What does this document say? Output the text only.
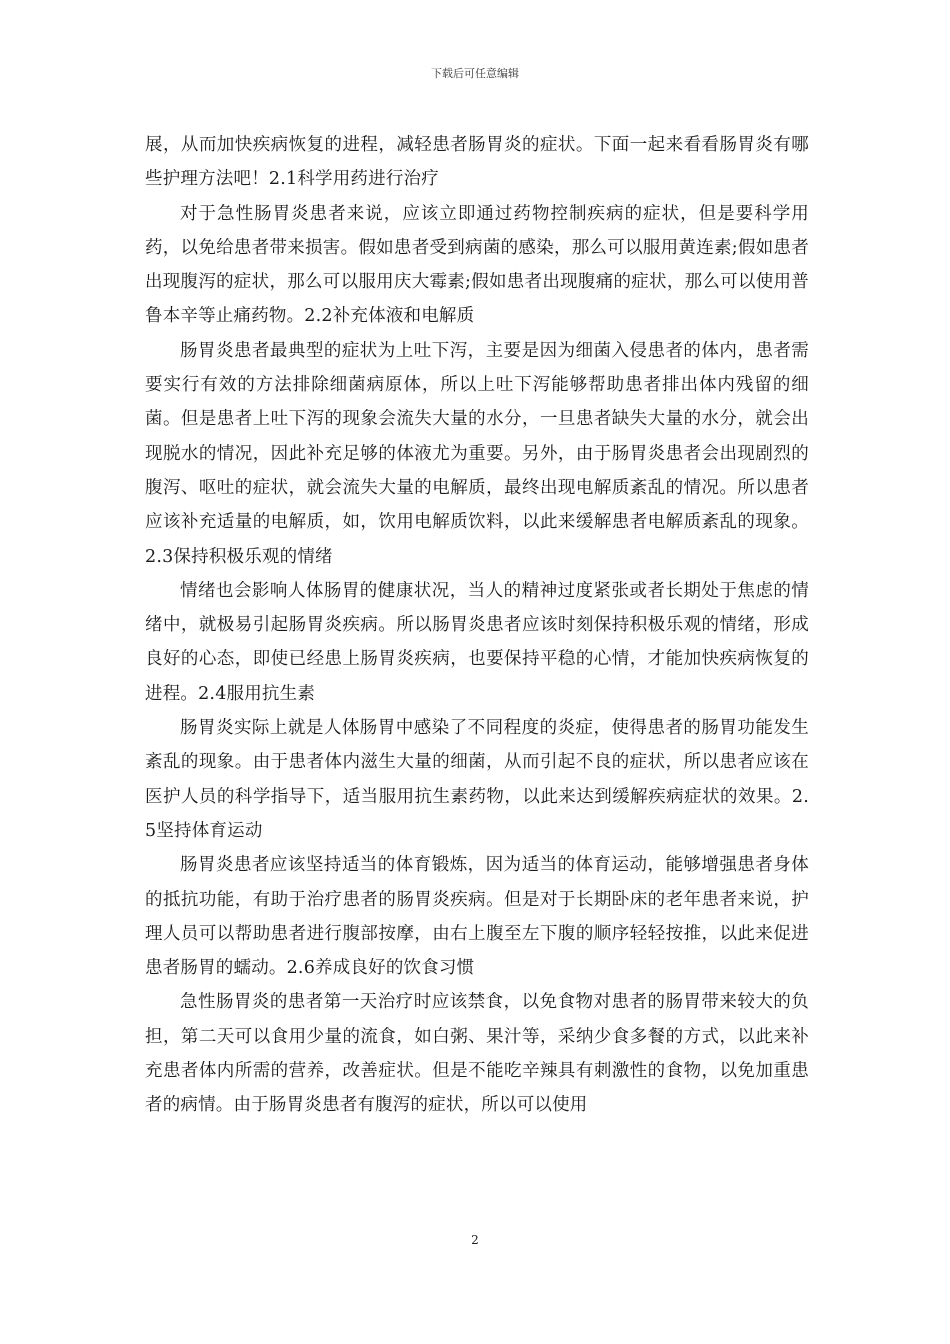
下载后可任意编辑

展，从而加快疾病恢复的进程，减轻患者肠胃炎的症状。下面一起来看看肠胃炎有哪些护理方法吧！2.1科学用药进行治疗

对于急性肠胃炎患者来说，应该立即通过药物控制疾病的症状，但是要科学用药，以免给患者带来损害。假如患者受到病菌的感染，那么可以服用黄连素;假如患者出现腹泻的症状，那么可以服用庆大霉素;假如患者出现腹痛的症状，那么可以使用普鲁本辛等止痛药物。2.2补充体液和电解质

肠胃炎患者最典型的症状为上吐下泻，主要是因为细菌入侵患者的体内，患者需要实行有效的方法排除细菌病原体，所以上吐下泻能够帮助患者排出体内残留的细菌。但是患者上吐下泻的现象会流失大量的水分，一旦患者缺失大量的水分，就会出现脱水的情况，因此补充足够的体液尤为重要。另外，由于肠胃炎患者会出现剧烈的腹泻、呕吐的症状，就会流失大量的电解质，最终出现电解质紊乱的情况。所以患者应该补充适量的电解质，如，饮用电解质饮料，以此来缓解患者电解质紊乱的现象。2.3保持积极乐观的情绪

情绪也会影响人体肠胃的健康状况，当人的精神过度紧张或者长期处于焦虑的情绪中，就极易引起肠胃炎疾病。所以肠胃炎患者应该时刻保持积极乐观的情绪，形成良好的心态，即使已经患上肠胃炎疾病，也要保持平稳的心情，才能加快疾病恢复的进程。2.4服用抗生素

肠胃炎实际上就是人体肠胃中感染了不同程度的炎症，使得患者的肠胃功能发生紊乱的现象。由于患者体内滋生大量的细菌，从而引起不良的症状，所以患者应该在医护人员的科学指导下，适当服用抗生素药物，以此来达到缓解疾病症状的效果。2.5坚持体育运动

肠胃炎患者应该坚持适当的体育锻炼，因为适当的体育运动，能够增强患者身体的抵抗功能，有助于治疗患者的肠胃炎疾病。但是对于长期卧床的老年患者来说，护理人员可以帮助患者进行腹部按摩，由右上腹至左下腹的顺序轻轻按推，以此来促进患者肠胃的蠕动。2.6养成良好的饮食习惯

急性肠胃炎的患者第一天治疗时应该禁食，以免食物对患者的肠胃带来较大的负担，第二天可以食用少量的流食，如白粥、果汁等，采纳少食多餐的方式，以此来补充患者体内所需的营养，改善症状。但是不能吃辛辣具有刺激性的食物，以免加重患者的病情。由于肠胃炎患者有腹泻的症状，所以可以使用

2
